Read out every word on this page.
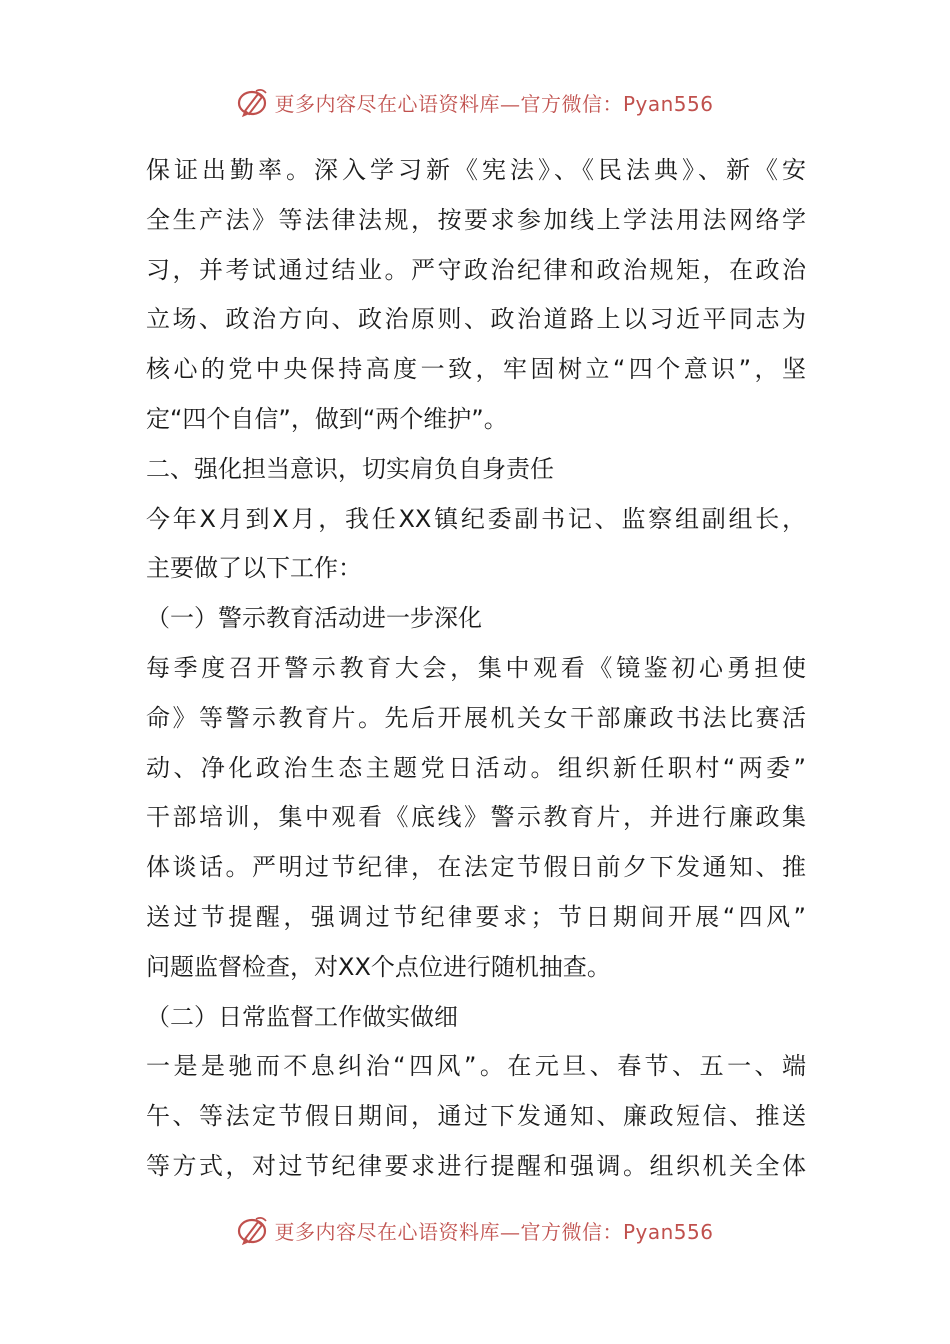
更多内容尽在心语资料库—官方微信：Pyan556
保证出勤率。深入学习新《宪法》、《民法典》、新《安
全生产法》等法律法规，按要求参加线上学法用法网络学
习，并考试通过结业。严守政治纪律和政治规矩，在政治
立场、政治方向、政治原则、政治道路上以习近平同志为
核心的党中央保持高度一致，牢固树立“四个意识”，坚
定“四个自信”，做到“两个维护”。
二、强化担当意识，切实肩负自身责任
今年X月到X月，我任XX镇纪委副书记、监察组副组长，
主要做了以下工作：
（一）警示教育活动进一步深化
每季度召开警示教育大会，集中观看《镜鉴初心勇担使
命》等警示教育片。先后开展机关女干部廉政书法比赛活
动、净化政治生态主题党日活动。组织新任职村“两委”
干部培训，集中观看《底线》警示教育片，并进行廉政集
体谈话。严明过节纪律，在法定节假日前夕下发通知、推
送过节提醒，强调过节纪律要求；节日期间开展“四风”
问题监督检查，对XX个点位进行随机抽查。
（二）日常监督工作做实做细
一是是驰而不息纠治“四风”。在元旦、春节、五一、端
午、等法定节假日期间，通过下发通知、廉政短信、推送
等方式，对过节纪律要求进行提醒和强调。组织机关全体
更多内容尽在心语资料库—官方微信：Pyan556
